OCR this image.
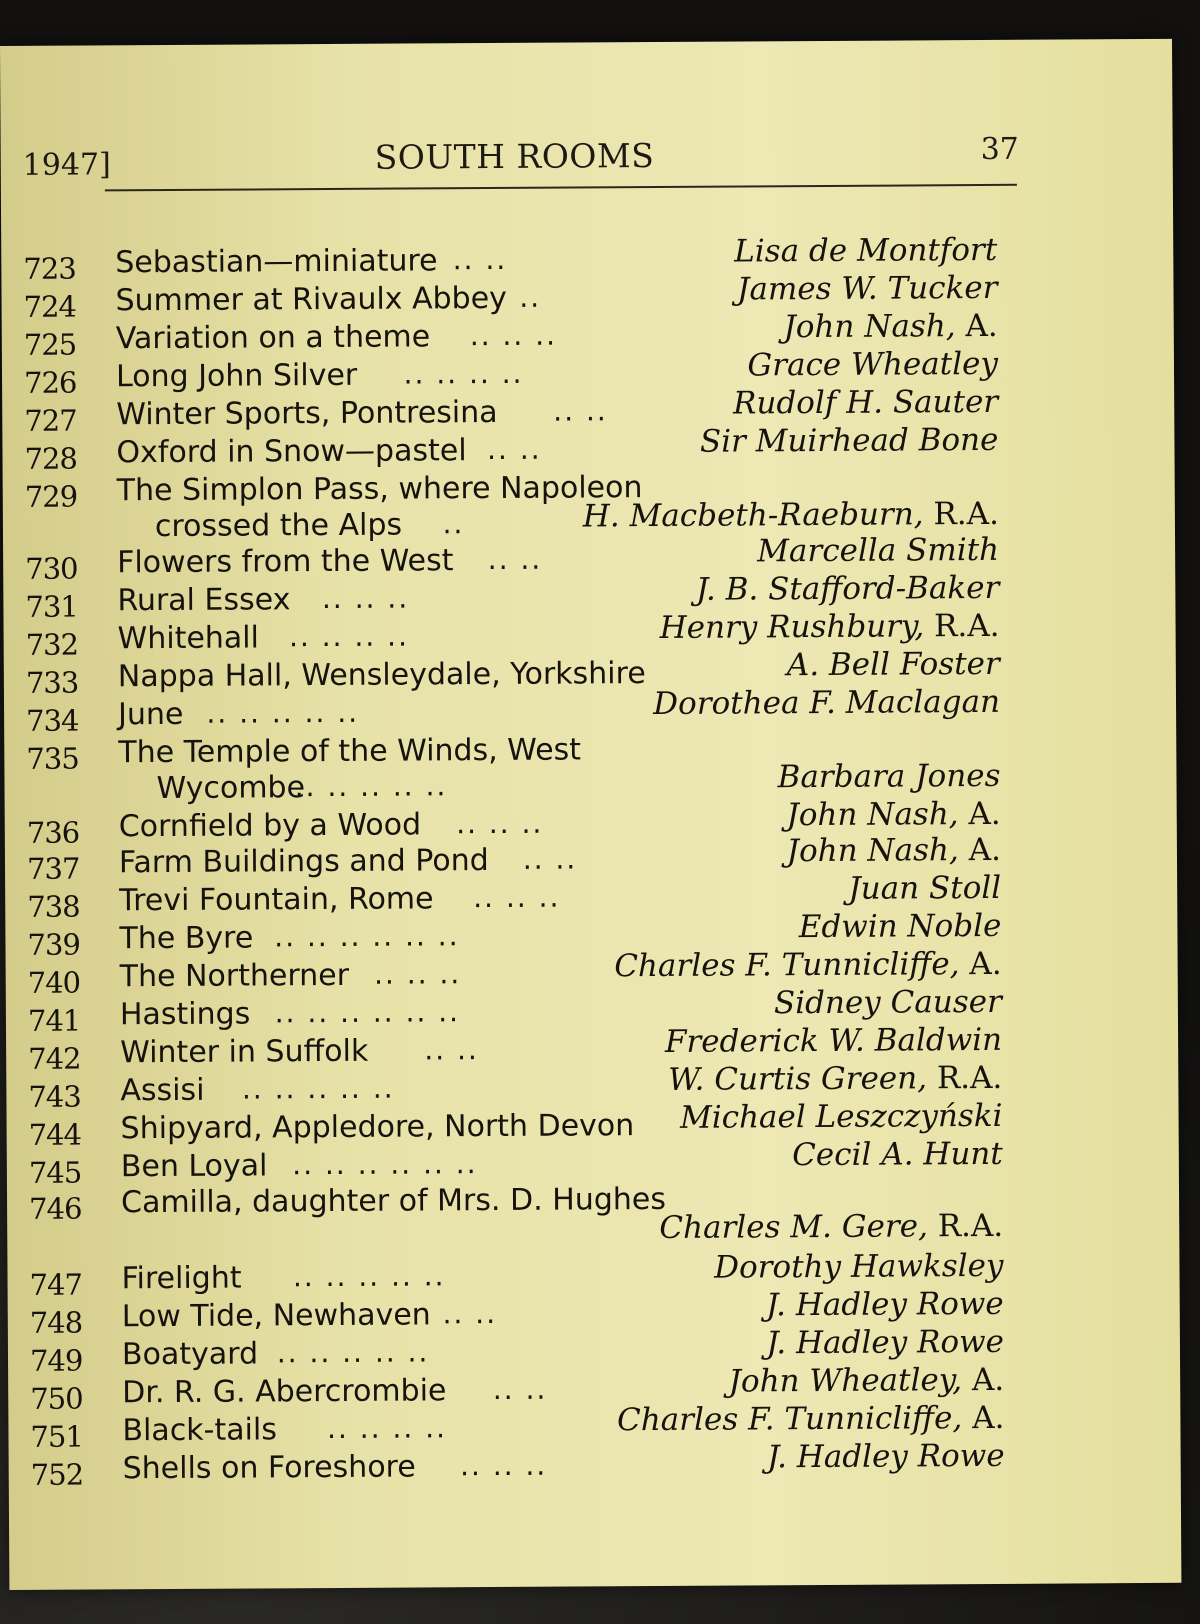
1947]	SOUTH ROOMS	37
723	Sebastian—miniature .. ..	Lisa de Montfort
724	Summer at Rivaulx Abbey ..	James W. Tucker
725	Variation on a theme	.. .. ..	John Nash, A.
726	Long John Silver	.. .. .. ..	Grace Wheatley
727	Winter Sports, Pontresina	.. ..	Rudolf H. Sauter
728	Oxford in Snow—pastel .. ..	Sir Muirhead Bone
729	The Simplon Pass, where Napoleon
crossed the Alps	..	H. Macbeth-Raeburn, R.A.
730	Flowers from the West	.. ..	Marcella Smith
731	Rural Essex	.. .. ..	J. B. Stafford-Baker
732	Whitehall	.. .. .. ..	Henry Rushbury, R.A.
733	Nappa Hall, Wensleydale, Yorkshire	A. Bell Foster
734	June .. .. .. .. ..	Dorothea F. Maclagan
735	The Temple of the Winds, West
Wycombe
.. .. .. .. ..	Barbara Jones
736	Cornfield by a Wood	.. .. ..	John Nash, A.
737	Farm Buildings and Pond	.. ..	John Nash, A.
738	Trevi Fountain, Rome	.. .. ..	Juan Stoll
739	The Byre .. .. .. .. .. ..	Edwin Noble
740	The Northerner .. .. ..	Charles F. Tunnicliffe, A.
741	Hastings .. .. .. .. .. ..	Sidney Causer
742	Winter in Suffolk	.. ..	Frederick W. Baldwin
743	Assisi	.. .. .. .. ..	W. Curtis Green, R.A.
744	Shipyard, Appledore, North Devon	Michael Leszczyński
745	Ben Loyal .. .. .. .. .. ..	Cecil A. Hunt
746	Camilla, daughter of Mrs. D. Hughes
Charles M. Gere, R.A.
747	Firelight	.. .. .. .. ..	Dorothy Hawksley
748	Low Tide, Newhaven .. ..	J. Hadley Rowe
749	Boatyard .. .. .. .. ..	J. Hadley Rowe
750	Dr. R. G. Abercrombie	.. ..	John Wheatley, A.
751	Black-tails	.. .. .. ..	Charles F. Tunnicliffe, A.
752	Shells on Foreshore	.. .. ..	J. Hadley Rowe
